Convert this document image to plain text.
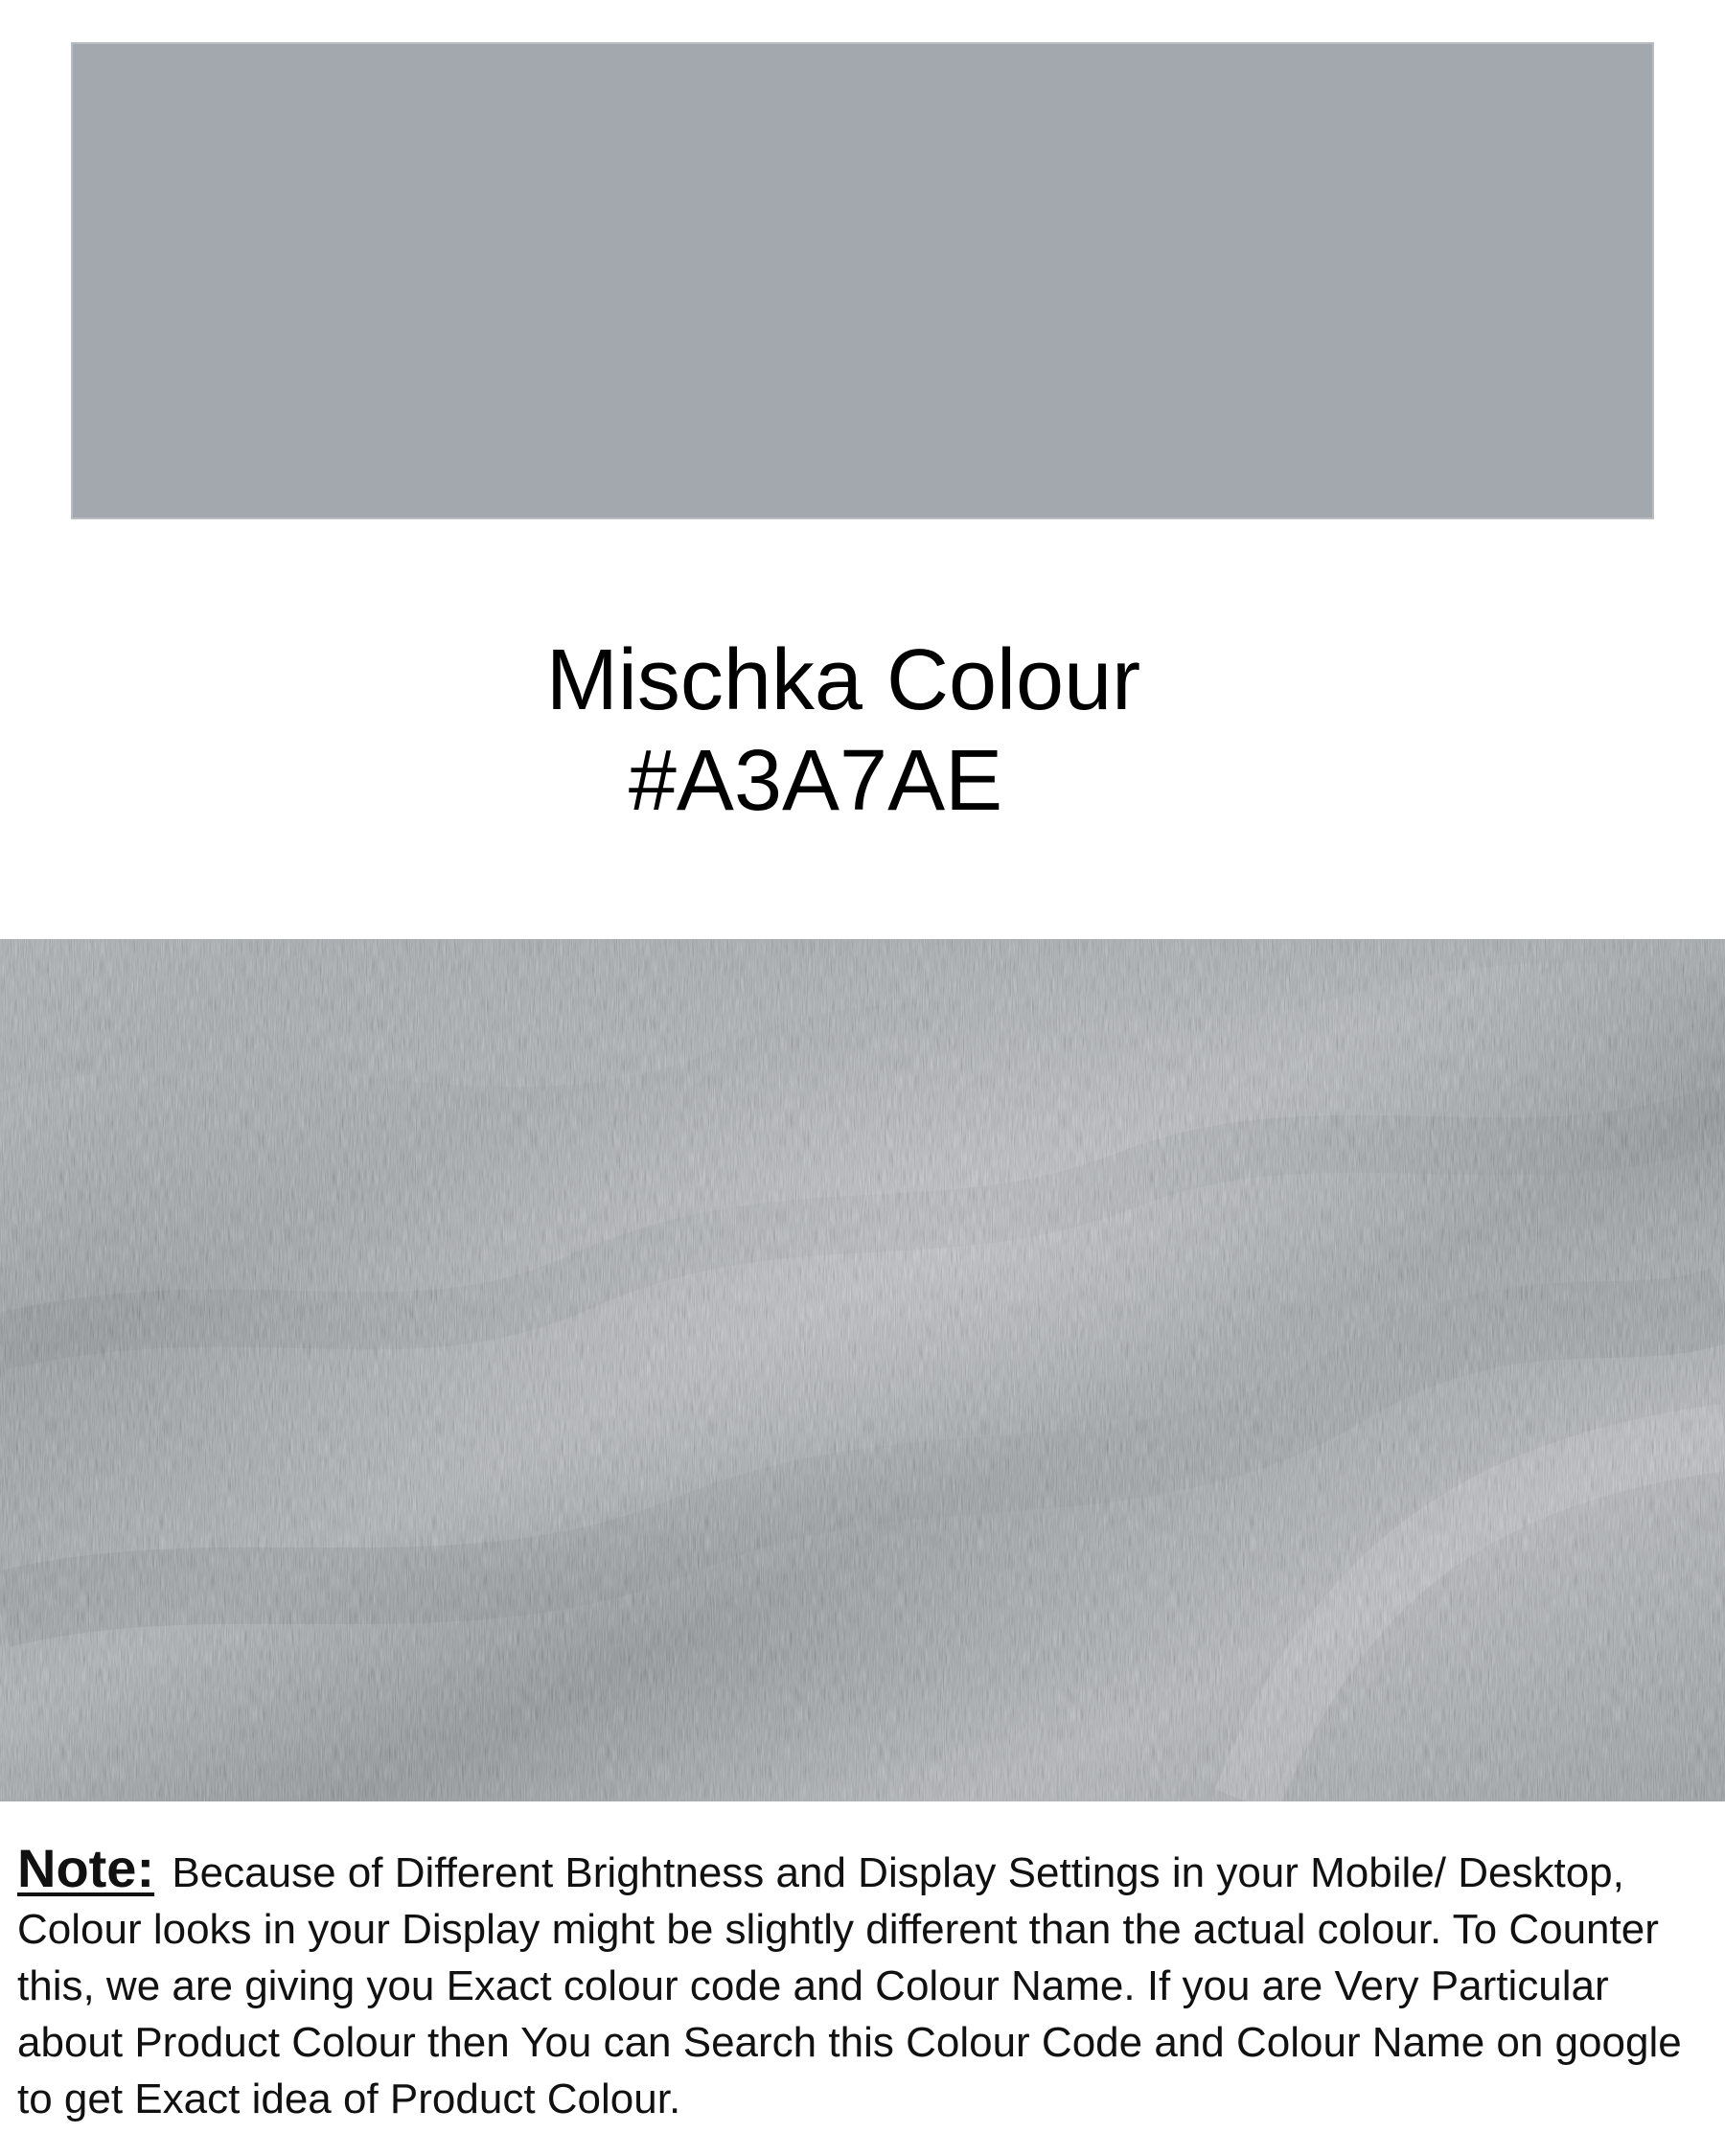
Mischka Colour
#A3A7AE
Note: Because of Different Brightness and Display Settings in your Mobile/ Desktop, Colour looks in your Display might be slightly different than the actual colour. To Counter this, we are giving you Exact colour code and Colour Name. If you are Very Particular about Product Colour then You can Search this Colour Code and Colour Name on google to get Exact idea of Product Colour.
